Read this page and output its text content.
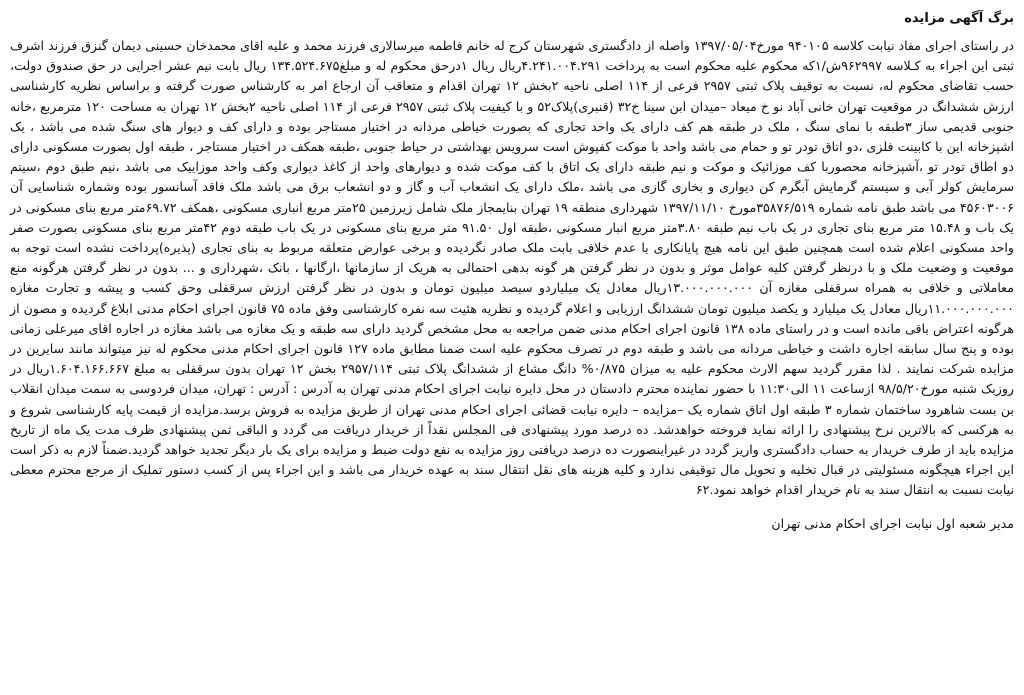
برگ آگهی مزایده

در راستای اجرای مفاد نیابت کلاسه ۹۴۰۱۰۵ مورخ۱۳۹۷/۰۵/۰۴ واصله از دادگستری شهرستان کرج له خانم فاطمه میرسالاری فرزند محمد و علیه اقای محمدخان حسینی دیمان گنزق فرزند اشرف ثبتی این اجراء به کـلاسه ۹۶۲۹۹۷ش/۱که محکوم علیه محکوم است به پرداخت ۴.۲۴۱.۰۰۴.۲۹۱ریال ریال ۱درحق محکوم له و مبلغ۱۳۴.۵۲۴.۶۷۵ ریال بابت نیم عشر اجرایی در حق صندوق دولت، حسب تقاضای محکوم له، نسبت به توقیف پلاک ثبتی ۲۹۵۷ فرعی از ۱۱۴ اصلی ناحیه ۲بخش ۱۲ تهران اقدام و متعاقب آن ارجاع امر به کارشناس صورت گرفته و براساس نظریه کارشناسی ارزش ششدانگ در موقعیت تهران خانی آباد نو خ میعاد –میدان ابن سینا خ۳۲ (قنبری)پلاک۵۲ و با کیفیت پلاک ثبتی ۲۹۵۷ فرعی از ۱۱۴ اصلی ناحیه ۲بخش ۱۲ تهران به مساحت ۱۲۰ مترمربع ،خانه جنوبی قدیمی ساز ۳طبقه با نمای سنگ ، ملک در طبقه هم کف دارای یک واحد تجاری که بصورت خیاطی مردانه در اختیار مستاجر بوده و دارای کف و دیوار های سنگ شده می باشد ، یک اشپزخانه این با کابینت فلزی ،دو اتاق تودر تو و حمام می باشد واحد با موکت کفپوش است سرویس بهداشتی در حیاط جنوبی ،طبقه همکف در اختیار مستاجر ، طبقه اول بصورت مسکونی دارای دو اطاق تودر تو ،آشپزخانه محصوربا کف موزائیک و موکت و نیم طبقه دارای یک اتاق با کف موکت شده و دیوارهای واحد از کاغذ دیواری وکف واحد موزاییک می باشد ،نیم طبق دوم ،سیتم سرمایش کولر آبی و سیستم گرمایش آبگرم کن دیواری و بخاری گازی می باشد ،ملک دارای یک انشعاب آب و گاز و دو انشعاب برق می باشد ملک فاقد آسانسور بوده وشماره شناسایی آن ۴۵۶۰۳۰۰۶ می باشد طبق نامه شماره ۳۵۸۷۶/۵۱۹مورخ ۱۳۹۷/۱۱/۱۰ شهرداری منطقه ۱۹ تهران بنایمجاز ملک شامل زیرزمین ۲۵متر مربع انباری مسکونی ،همکف ۶۹.۷۲متر مربع بنای مسکونی در یک باب و ۱۵.۴۸ متر مربع بنای تجاری در یک باب نیم طبقه ۳.۸۰متر مربع انبار مسکونی ،طبقه اول ۹۱.۵۰ متر مربع بنای مسکونی در یک باب طبقه دوم ۴۲متر مربع بنای مسکونی بصورت صفر واحد مسکونی اعلام شده است همچنین طبق این نامه هیچ پایانکاری یا عدم خلافی بابت ملک صادر نگردیده و برخی عوارض متعلقه مربوط به بنای تجاری (پذیره)پرداخت نشده است توجه به موقعیت و وضعیت ملک و با درنظر گرفتن کلیه عوامل موثر و بدون در نظر گرفتن هر گونه بدهی احتمالی به هریک از سازمانها ،ارگانها ، بانک ،شهرداری و ... بدون در نظر گرفتن هرگونه منع معاملاتی و خلافی به همراه سرقفلی مغازه آن ۱۳.۰۰۰.۰۰۰.۰۰۰ریال معادل یک میلیاردو سیصد میلیون تومان و بدون در نظر گرفتن ارزش سرقفلی وحق کسب و پیشه و تجارت مغازه ۱۱.۰۰۰.۰۰۰.۰۰۰ریال معادل یک میلیارد و یکصد میلیون تومان ششدانگ ارزیابی و اعلام گردیده و نظریه هئیت سه نفره کارشناسی وفق ماده ۷۵ قانون اجرای احکام مدنی ابلاغ گردیده و مصون از هرگونه اعتراض باقی مانده است و در راستای ماده ۱۳۸ قانون اجرای احکام مدنی ضمن مراجعه به محل مشخص گردید دارای سه طبقه و یک مغازه می باشد مغازه در اجاره اقای میرعلی زمانی بوده و پنج سال سابقه اجاره داشت و خیاطی مردانه می باشد و طبقه دوم در تصرف محکوم علیه است ضمنا مطابق ماده ۱۲۷ قانون اجرای احکام مدنی محکوم له نیز میتواند مانند سایرین در مزایده شرکت نمایند . لذا مقرر گردید سهم الارث محکوم علیه به میزان ۰/۸۷۵% دانگ مشاع از ششدانگ پلاک ثبتی ۲۹۵۷/۱۱۴ بخش ۱۲ تهران بدون سرقفلی به مبلغ ۱.۶۰۴.۱۶۶.۶۶۷ریال در روزیک شنبه مورخ۹۸/۵/۲۰ ازساعت ۱۱ الی۱۱:۳۰ با حضور نماینده محترم دادستان در محل دایره نیابت اجرای احکام مدنی تهران به آدرس : آدرس : تهران، میدان فردوسی به سمت میدان انقلاب بن بست شاهرود ساختمان شماره ۳ طبقه اول اتاق شماره یک –مزایده – دایره نیابت قضائی اجرای احکام مدنی تهران از طریق مزایده به فروش برسد.مزایده از قیمت پایه کارشناسی شروع و به هرکسی که بالاترین نرخ پیشنهادی را ارائه نماید فروخته خواهدشد. ده درصد مورد پیشنهادی فی المجلس نقداً از خریدار دریافت می گردد و الباقی ثمن پیشنهادی ظرف مدت یک ماه از تاریخ مزایده باید از طرف خریدار به حساب دادگستری واریز گردد در غیراینصورت ده درصد دریافتی روز مزایده به نفع دولت ضبط و مزایده برای یک بار دیگر تجدید خواهد گردید.ضمناً لازم به ذکر است این اجراء هیچگونه مسئولیتی در قبال تخلیه و تحویل مال توقیفی ندارد و کلیه هزینه های نقل انتقال سند به عهده خریدار می باشد و این اجراء پس از کسب دستور تملیک از مرجع محترم معطی نیابت نسبت به انتقال سند به نام خریدار اقدام خواهد نمود.۶۲

مدیر شعبه اول نیابت اجرای احکام مدنی تهران
